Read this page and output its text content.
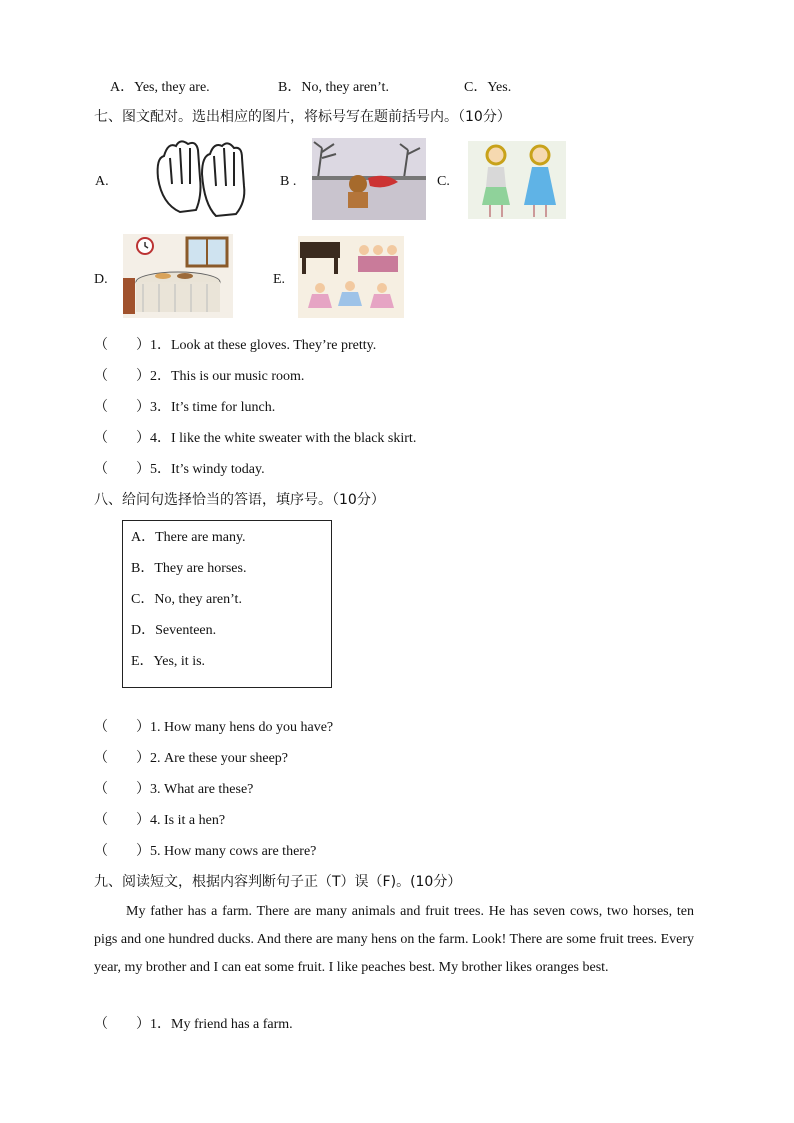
A．Yes, they are.	B．No, they aren’t.	C．Yes.
七、图文配对。选出相应的图片，将标号写在题前括号内。（10分）
A.	B .	C.
D.	E.
（　　）1．Look at these gloves. They’re pretty.
（　　）2．This is our music room.
（　　）3．It’s time for lunch.
（　　）4．I like the white sweater with the black skirt.
（　　）5．It’s windy today.
八、给问句选择恰当的答语，填序号。（10分）
A．There are many.
B．They are horses.
C．No, they aren’t.
D．Seventeen.
E．Yes, it is.
（　　）1. How many hens do you have?
（　　）2. Are these your sheep?
（　　）3. What are these?
（　　）4. Is it a hen?
（　　）5. How many cows are there?
九、阅读短文，根据内容判断句子正（T）误（F)。(10分）
My father has a farm. There are many animals and fruit trees. He has seven cows, two horses, ten pigs and one hundred ducks. And there are many hens on the farm. Look! There are some fruit trees. Every year, my brother and I can eat some fruit. I like peaches best. My brother likes oranges best.
（　　）1．My friend has a farm.
